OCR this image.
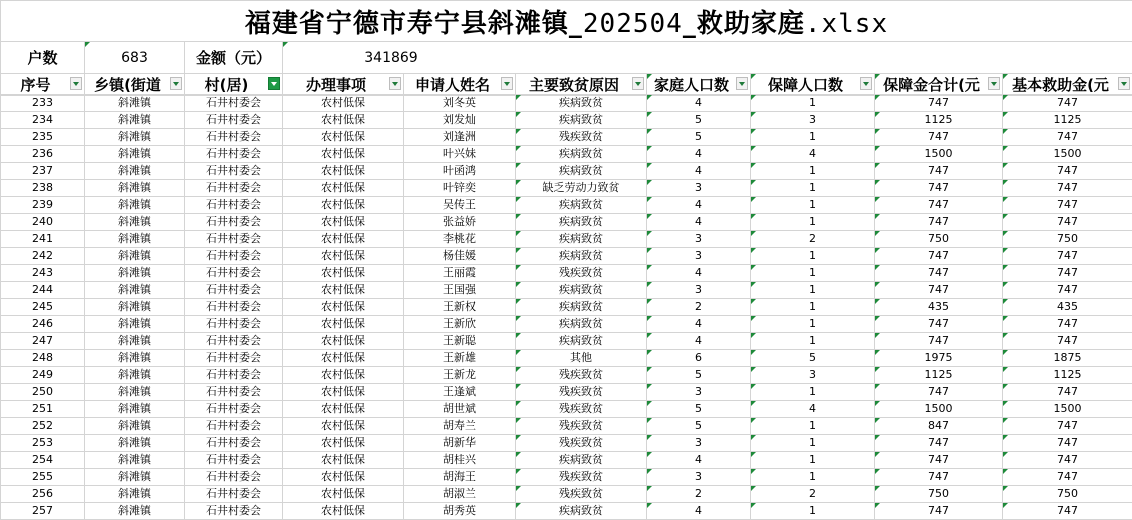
福建省宁德市寿宁县斜滩镇_202504_救助家庭.xlsx
户数	683	金额（元）	341869
序号	乡镇(街道	村(居)	办理事项	申请人姓名	主要致贫原因	家庭人口数	保障人口数	保障金合计(元	基本救助金(元
233	斜滩镇	石井村委会	农村低保	刘冬英	疾病致贫	4	1	747	747
234	斜滩镇	石井村委会	农村低保	刘发灿	疾病致贫	5	3	1125	1125
235	斜滩镇	石井村委会	农村低保	刘逢洲	残疾致贫	5	1	747	747
236	斜滩镇	石井村委会	农村低保	叶兴妹	疾病致贫	4	4	1500	1500
237	斜滩镇	石井村委会	农村低保	叶函鸿	疾病致贫	4	1	747	747
238	斜滩镇	石井村委会	农村低保	叶锌奕	缺乏劳动力致贫	3	1	747	747
239	斜滩镇	石井村委会	农村低保	吴传王	疾病致贫	4	1	747	747
240	斜滩镇	石井村委会	农村低保	张益娇	疾病致贫	4	1	747	747
241	斜滩镇	石井村委会	农村低保	李桃花	疾病致贫	3	2	750	750
242	斜滩镇	石井村委会	农村低保	杨佳媛	疾病致贫	3	1	747	747
243	斜滩镇	石井村委会	农村低保	王丽霞	残疾致贫	4	1	747	747
244	斜滩镇	石井村委会	农村低保	王国强	疾病致贫	3	1	747	747
245	斜滩镇	石井村委会	农村低保	王新权	疾病致贫	2	1	435	435
246	斜滩镇	石井村委会	农村低保	王新欣	疾病致贫	4	1	747	747
247	斜滩镇	石井村委会	农村低保	王新聪	疾病致贫	4	1	747	747
248	斜滩镇	石井村委会	农村低保	王新雄	其他	6	5	1975	1875
249	斜滩镇	石井村委会	农村低保	王新龙	残疾致贫	5	3	1125	1125
250	斜滩镇	石井村委会	农村低保	王逢斌	残疾致贫	3	1	747	747
251	斜滩镇	石井村委会	农村低保	胡世斌	残疾致贫	5	4	1500	1500
252	斜滩镇	石井村委会	农村低保	胡寿兰	残疾致贫	5	1	847	747
253	斜滩镇	石井村委会	农村低保	胡新华	残疾致贫	3	1	747	747
254	斜滩镇	石井村委会	农村低保	胡桂兴	疾病致贫	4	1	747	747
255	斜滩镇	石井村委会	农村低保	胡海王	残疾致贫	3	1	747	747
256	斜滩镇	石井村委会	农村低保	胡淑兰	残疾致贫	2	2	750	750
257	斜滩镇	石井村委会	农村低保	胡秀英	疾病致贫	4	1	747	747
